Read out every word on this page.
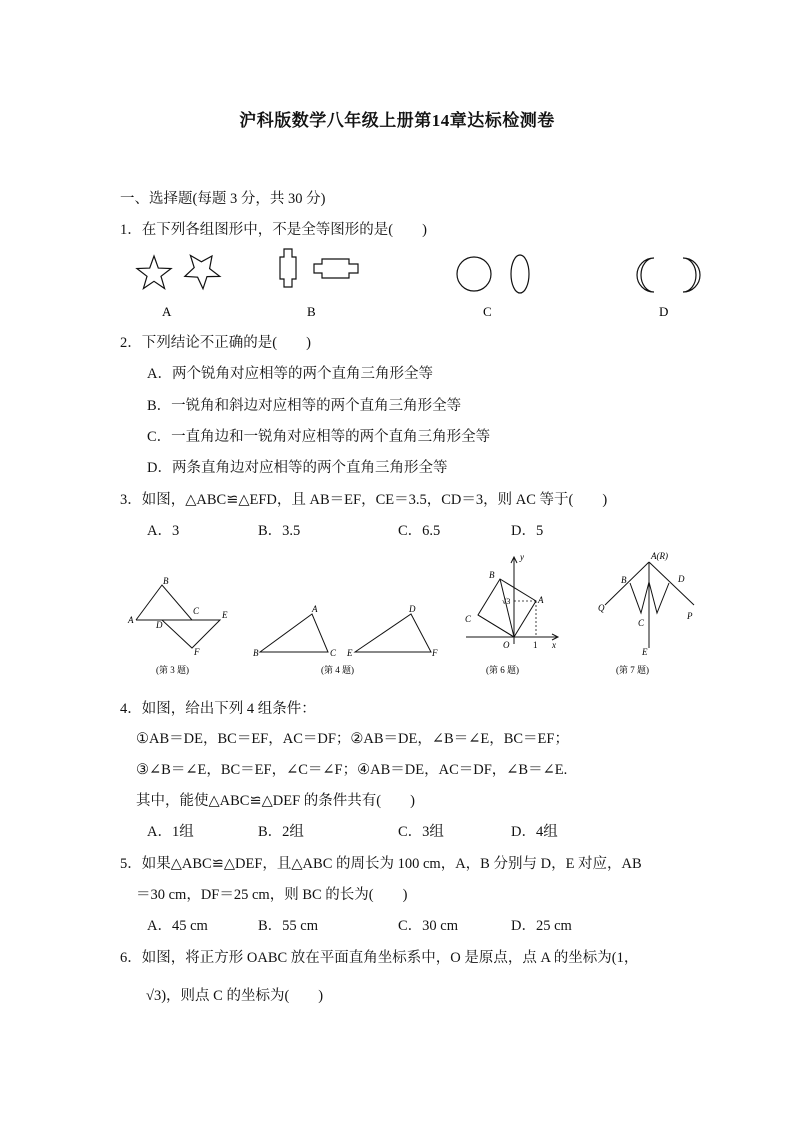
沪科版数学八年级上册第14章达标检测卷
一、选择题(每题 3 分，共 30 分)
1．在下列各组图形中，不是全等图形的是(　　)
A	B	C	D
2．下列结论不正确的是(　　)
A．两个锐角对应相等的两个直角三角形全等
B．一锐角和斜边对应相等的两个直角三角形全等
C．一直角边和一锐角对应相等的两个直角三角形全等
D．两条直角边对应相等的两个直角三角形全等
3．如图，△ABC≌△EFD，且 AB＝EF，CE＝3.5，CD＝3，则 AC 等于(　　)
A．3	B．3.5	C．6.5	D．5
A
B
C
D
E
F
(第 3 题)
A
B	C
D
E	F
(第 4 题)
y
B
A
C
O	1 x
√3
(第 6 题)
A(R)
B	D
Q
C
P
E
(第 7 题)
4．如图，给出下列 4 组条件：
①AB＝DE，BC＝EF，AC＝DF；②AB＝DE，∠B＝∠E，BC＝EF；
③∠B＝∠E，BC＝EF，∠C＝∠F；④AB＝DE，AC＝DF，∠B＝∠E.
其中，能使△ABC≌△DEF 的条件共有(　　)
A．1组	B．2组	C．3组	D．4组
5．如果△ABC≌△DEF，且△ABC 的周长为 100 cm，A，B 分别与 D，E 对应，AB
＝30 cm，DF＝25 cm，则 BC 的长为(　　)
A．45 cm	B．55 cm	C．30 cm	D．25 cm
6．如图，将正方形 OABC 放在平面直角坐标系中，O 是原点，点 A 的坐标为(1，
√3)，则点 C 的坐标为(　　)
